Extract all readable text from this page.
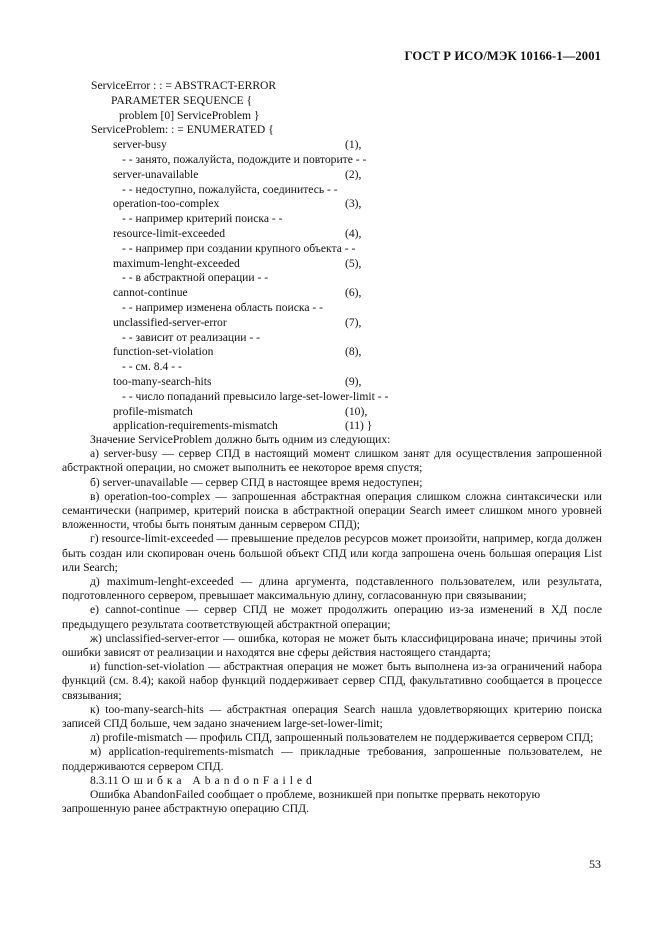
ГОСТ Р ИСО/МЭК 10166-1—2001
ServiceError : : = ABSTRACT-ERROR
PARAMETER SEQUENCE {
problem [0] ServiceProblem }
ServiceProblem: : = ENUMERATED {
server-busy	(1),
- - занято, пожалуйста, подождите и повторите - -
server-unavailable	(2),
- - недоступно, пожалуйста, соединитесь - -
operation-too-complex	(3),
- - например критерий поиска - -
resource-limit-exceeded	(4),
- - например при создании крупного объекта - -
maximum-lenght-exceeded	(5),
- - в абстрактной операции - -
cannot-continue	(6),
- - например изменена область поиска - -
unclassified-server-error	(7),
- - зависит от реализации - -
function-set-violation	(8),
- - см. 8.4 - -
too-many-search-hits	(9),
- - число попаданий превысило large-set-lower-limit - -
profile-mismatch	(10),
application-requirements-mismatch	(11) }

Значение ServiceProblem должно быть одним из следующих:

а) server-busy — сервер СПД в настоящий момент слишком занят для осуществления запрошенной абстрактной операции, но сможет выполнить ее некоторое время спустя;

б) server-unavailable — сервер СПД в настоящее время недоступен;

в) operation-too-complex — запрошенная абстрактная операция слишком сложна синтаксически или семантически (например, критерий поиска в абстрактной операции Search имеет слишком много уровней вложенности, чтобы быть понятым данным сервером СПД);

г) resource-limit-exceeded — превышение пределов ресурсов может произойти, например, когда должен быть создан или скопирован очень большой объект СПД или когда запрошена очень большая операция List или Search;

д) maximum-lenght-exceeded — длина аргумента, подставленного пользователем, или результата, подготовленного сервером, превышает максимальную длину, согласованную при связывании;

е) cannot-continue — сервер СПД не может продолжить операцию из-за изменений в ХД после предыдущего результата соответствующей абстрактной операции;

ж) unclassified-server-error — ошибка, которая не может быть классифицирована иначе; причины этой ошибки зависят от реализации и находятся вне сферы действия настоящего стандарта;

и) function-set-violation — абстрактная операция не может быть выполнена из-за ограничений набора функций (см. 8.4); какой набор функций поддерживает сервер СПД, факультативно сообщается в процессе связывания;

к) too-many-search-hits — абстрактная операция Search нашла удовлетворяющих критерию поиска записей СПД больше, чем задано значением large-set-lower-limit;

л) profile-mismatch — профиль СПД, запрошенный пользователем не поддерживается сервером СПД;

м) application-requirements-mismatch — прикладные требования, запрошенные пользователем, не поддерживаются сервером СПД.

8.3.11 Ошибка AbandonFailed

Ошибка AbandonFailed сообщает о проблеме, возникшей при попытке прервать некоторую запрошенную ранее абстрактную операцию СПД.

53
